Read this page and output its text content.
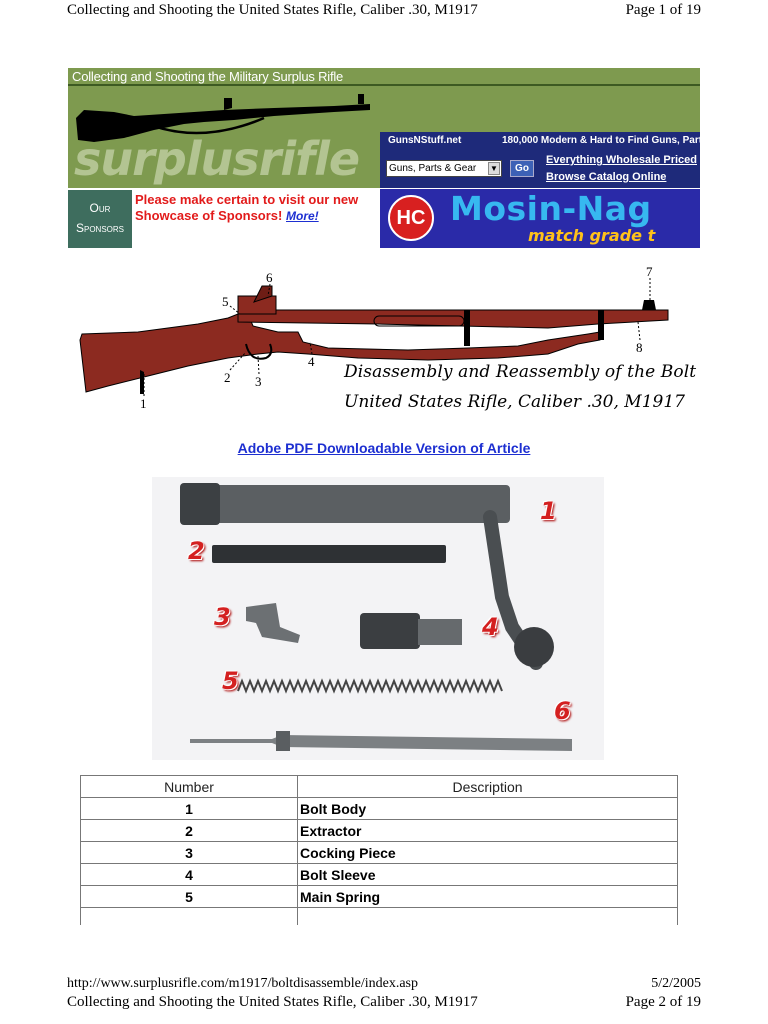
Collecting and Shooting the United States Rifle, Caliber .30, M1917	Page 1 of 19
Collecting and Shooting the Military Surplus Rifle
surplusrifle	GunsNStuff.net	180,000 Modern & Hard to Find Guns, Part
Guns, Parts & Gear ▼	Go
Everything Wholesale Priced
Browse Catalog Online
Our
Sponsors
Please make certain to visit our new Showcase of Sponsors! More!	HC Mosin-Nag
match grade t
1
2 3
4
5
6	7
8
Disassembly and Reassembly of the Bolt
United States Rifle, Caliber .30, M1917
Adobe PDF Downloadable Version of Article
1
2
3	4
5
6
Number	Description
1	Bolt Body
2	Extractor
3	Cocking Piece
4	Bolt Sleeve
5	Main Spring

http://www.surplusrifle.com/m1917/boltdisassemble/index.asp	5/2/2005
Collecting and Shooting the United States Rifle, Caliber .30, M1917	Page 2 of 19
